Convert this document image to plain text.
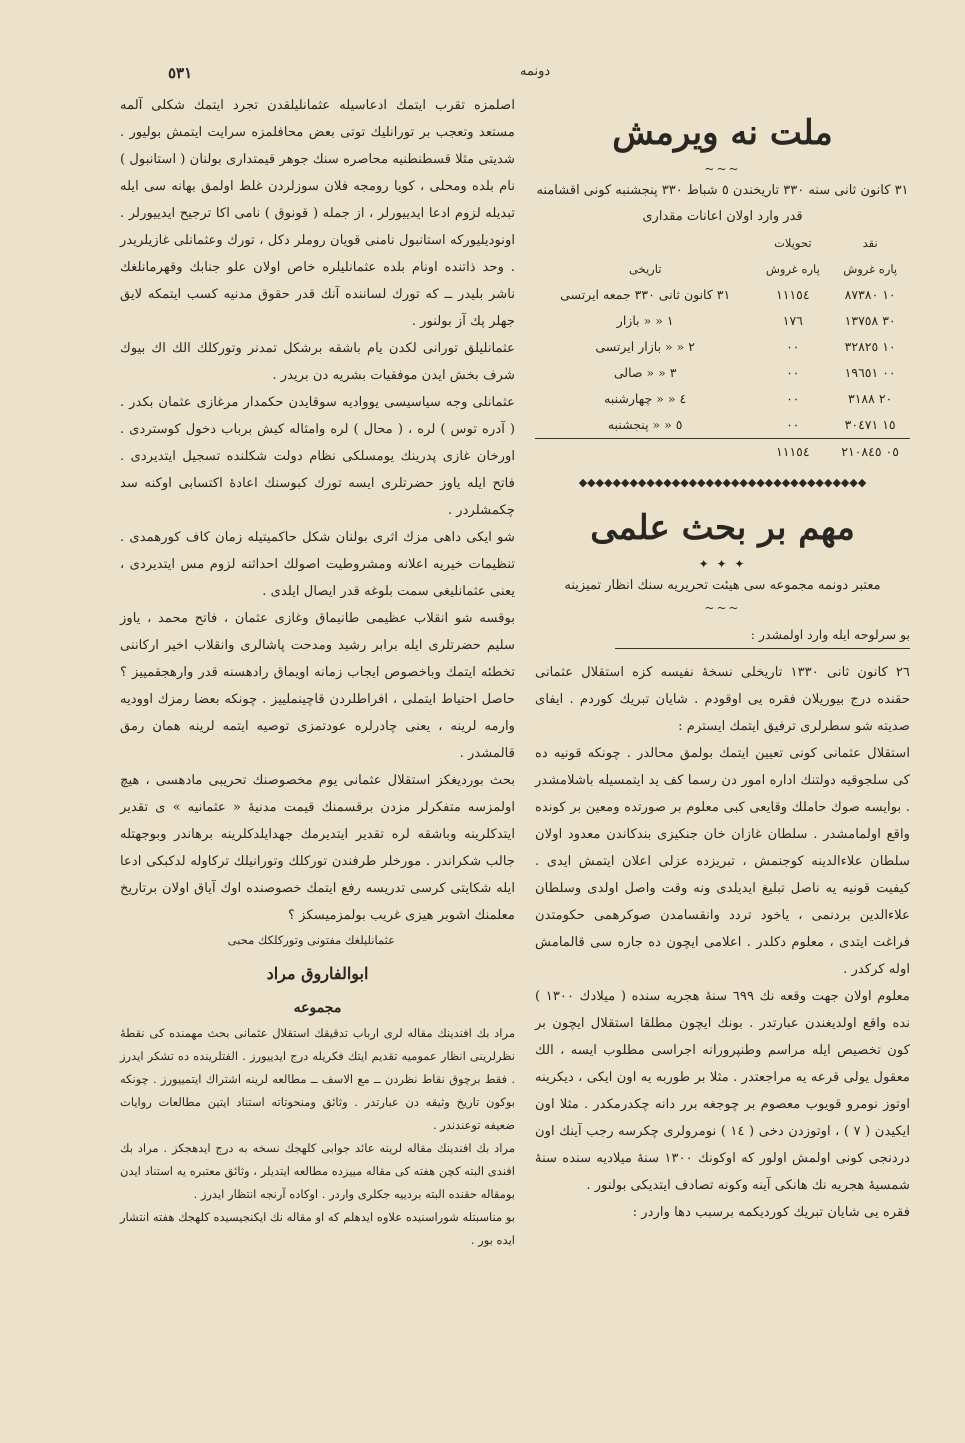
٥٣١	دونمه

اصلمزه تقرب ایتمك ادعاسیله عثمانلیلقدن تجرد ایتمك شكلی آلمه مستعد وتعجب بر تورانلیك توتی بعض محافلمزه سرایت ایتمش بولیور . شدیتی مثلا قسطنطنیه محاصره سنك جوهر قیمتداری بولنان ( استانبول ) نام بلده ومحلی ، كویا رومجه فلان سوزلردن غلط اولمق بهانه سی ایله تبدیله لزوم ادعا ایدییورلر ، از جمله ( قونوق ) نامی اكا ترجیح ایدییورلر . اونودیلیوركه استانبول نامنی قویان روملر دكل ، تورك وعثمانلی غازیلریدر . وحد ذاتنده اونام بلده عثمانلیلره خاص اولان علو جنابك وقهرمانلغك ناشر بلیدر ــ كه تورك لساننده آنك قدر حقوق مدنیه كسب ایتمكه لایق جهلر پك آز بولنور .

عثمانلیلق تورانی لكدن یام باشقه برشكل تمدنر وتوركلك الك اك بیوك شرف بخش ایدن موفقیات بشریه دن بریدر .

عثمانلی وجه سیاسیسی یووادیه سوقایدن حكمدار مرغازی عثمان بكدر . ( آدره توس ) لره ، ( محال ) لره وامثاله كیش برباب دخول كوستردی . اورخان غازی پدرینك یومسلكی نظام دولت شكلنده تسجیل ایتدیردی . فاتح ایله یاوز حضرتلری ایسه تورك كبوسنك اعادهٔ اكتسابی اوكنه سد چكمشلردر .

شو ایكی داهی مزك اثری بولنان شكل حاكمیتیله زمان كاف كورهمدی . تنظیمات خیریه اعلانه ومشروطیت اصولك احداثنه لزوم مس ایتدیردی ، یعنی عثمانلیغی سمت بلوغه قدر ایصال ایلدی .

بوقسه شو انقلاب عظیمی طانیماق وغازی عثمان ، فاتح محمد ، یاوز سلیم حضرتلری ایله برابر رشید ومدحت پاشالری وانقلاب اخیر اركاننی تخطئه ایتمك وباخصوص ایجاب زمانه اویماق رادهسنه قدر وارهجقمییز ؟ حاصل احتیاط ایتملی ، افراطلردن قاچینملییز . چونكه بعضا رمزك اوودیه وارمه لرینه ، یعنی چادرلره عودتمزی توصیه ایتمه لرینه همان رمق قالمشدر .

بحث بوردیغكز استقلال عثمانی یوم مخصوصنك تحریبی مادهسی ، هیچ اولمزسه متفكرلر مزدن برقسمنك قیمت مدنیهٔ « عثمانیه » ی تقدیر ایتدكلرینه وباشقه لره تقدیر ایتدیرمك جهدایلدكلرینه برهاندر وبوجهتله جالب شكراندر . مورخلر طرفندن توركلك وتورانیلك تركاوله لدكبكی ادعا ایله شكایتی كرسی تدریسه رفع ایتمك خصوصنده اوك آیاق اولان برتاریخ معلمنك اشوبر هیزی غریب بولمزمیسكز ؟

عثمانلیلغك مفتونی وتوركلكك محبی
ابوالفاروق مراد
مجموعه

مراد بك افندینك مقاله لری ارباب تدقیقك استقلال عثمانی بحث مهمنده كی نقطهٔ نظرلرینی انظار عمومیه تقدیم ایتك فكریله درج ایدییورز . الفتلرینده ده تشكر ایدرز . فقط برچوق نقاط نظردن ــ مع الاسف ــ مطالعه لرینه اشتراك ایتمییورز . چونكه بوكون تاریخ وثیقه دن عبارتدر . وثائق ومنحوتاته استناد ایتین مطالعات روایات ضعیفه توعندندر .

مراد بك افندینك مقاله لرینه عائد جوابی كلهجك نسخه به درج ایدهجكز . مراد بك افندی البته كچن هفته كی مقاله مییزده مطالعه ایتدیلر ، وثائق معتبره یه استناد ایدن بومقاله حقنده البته بردییه جكلری واردر . اوكاده آرنجه انتظار ایدرز .

بو مناسبتله شوراسنیده علاوه ایدهلم كه او مقاله نك ایكنجیسیده كلهجك هفته انتشار ایده بور .

ملت نه ویرمش
~~~
٣١ كانون ثانی سنه ٣٣٠ تاریخندن ٥ شباط ٣٣٠ پنجشنبه كونی اقشامنه قدر وارد اولان اعانات مقداری
نقد	تحویلات	
پاره غروش	پاره غروش	تاریخی
١٠ ٨٧٣٨٠	١١١٥٤	٣١ كانون ثانی ٣٣٠ جمعه ایرتسی
٣٠ ١٣٧٥٨	١٧٦	١ « « بازار
١٠ ٣٢٨٢٥	٠٠	٢ « « بازار ایرتسی
٠٠ ١٩٦٥١	٠٠	٣ « « صالی
٢٠ ٣١٨٨	٠٠	٤ « « چهارشنبه
١٥ ٣٠٤٧١	٠٠	٥ « « پنجشنبه
٠٥ ٢١٠٨٤٥	١١١٥٤	
◆◆◆◆◆◆◆◆◆◆◆◆◆◆◆◆◆◆◆◆◆◆◆◆◆◆◆◆◆◆◆◆◆◆
مهم بر بحث علمی
✦ ✦ ✦
معتبر دونمه مجموعه سی هیئت تحریریه سنك انظار تمیزینه
~~~
بو سرلوحه ایله وارد اولمشدر :

٢٦ كانون ثانی ١٣٣٠ تاریخلی نسخهٔ نفیسه كزه استقلال عثمانی حقنده درج بیوریلان فقره یی اوقودم . شایان تبریك كوردم . ایفای صدیته شو سطرلری ترفیق ایتمك ایسترم :

استقلال عثمانی كونی تعیین ایتمك بولمق محالدر . چونكه قونیه ده كی سلجوقیه دولتنك اداره امور دن رسما كف ید ایتمسیله باشلامشدر . بوایسه صوك حاملك وقایعی كبی معلوم بر صورتده ومعین بر كونده واقع اولمامشدر . سلطان غازان خان جنكیزی بندكاندن معدود اولان سلطان علاءالدینه كوجنمش ، تبریزده عزلی اعلان ایتمش ایدی . كیفیت قونیه یه ناصل تبلیغ ایدیلدی ونه وقت واصل اولدی وسلطان علاءالدین بردنمی ، یاخود تردد وانقسامدن صوكرهمی حكومتدن فراغت ایتدی ، معلوم دكلدر . اعلامی ایچون ده جاره سی قالمامش اوله كركدر .

معلوم اولان جهت وقعه نك ٦٩٩ سنهٔ هجریه سنده ( میلادك ١٣٠٠ ) نده واقع اولدیغندن عبارتدر . بونك ایچون مطلقا استقلال ایچون بر كون تخصیص ایله مراسم وطنپرورانه اجراسی مطلوب ایسه ، الك معقول یولی قرعه یه مراجعتدر . مثلا بر طوربه یه اون ایكی ، دیكرینه اوتوز نومرو قویوب معصوم بر چوجغه برر دانه چكدرمكدر . مثلا اون ایكیدن ( ٧ ) ، اوتوزدن دخی ( ١٤ ) نومرولری چكرسه رجب آینك اون دردنجی كونی اولمش اولور كه اوكونك ١٣٠٠ سنهٔ میلادیه سنده سنهٔ شمسیهٔ هجریه نك هانكی آینه وكونه تصادف ایتدیكی بولنور .

فقره یی شایان تبریك كوردیكمه برسبب دها واردر :
